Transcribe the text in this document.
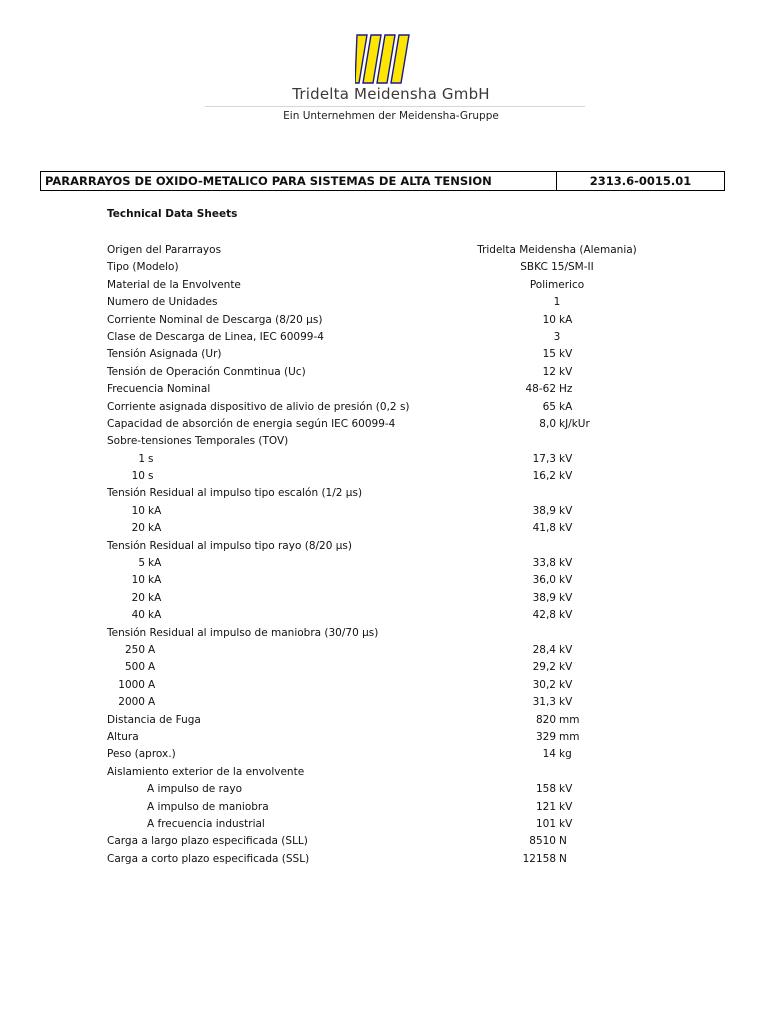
Tridelta Meidensha GmbH
Ein Unternehmen der Meidensha-Gruppe
PARARRAYOS DE OXIDO-METALICO PARA SISTEMAS DE ALTA TENSION	2313.6-0015.01
Technical Data Sheets
Origen del Pararrayos	Tridelta Meidensha (Alemania)
Tipo (Modelo)	SBKC 15/SM-II
Material de la Envolvente	Polimerico
Numero de Unidades	1
Corriente Nominal de Descarga (8/20 µs)	10 kA
Clase de Descarga de Linea, IEC 60099-4	3
Tensión Asignada (Ur)	15 kV
Tensión de Operación Conmtinua (Uc)	12 kV
Frecuencia Nominal	48-62 Hz
Corriente asignada dispositivo de alivio de presión (0,2 s)	65 kA
Capacidad de absorción de energia según IEC 60099-4	8,0 kJ/kUr
Sobre-tensiones Temporales (TOV)
1 s	17,3 kV
10 s	16,2 kV
Tensión Residual al impulso tipo escalón (1/2 µs)
10 kA	38,9 kV
20 kA	41,8 kV
Tensión Residual al impulso tipo rayo (8/20 µs)
5 kA	33,8 kV
10 kA	36,0 kV
20 kA	38,9 kV
40 kA	42,8 kV
Tensión Residual al impulso de maniobra (30/70 µs)
250 A	28,4 kV
500 A	29,2 kV
1000 A	30,2 kV
2000 A	31,3 kV
Distancia de Fuga	820 mm
Altura	329 mm
Peso (aprox.)	14 kg
Aislamiento exterior de la envolvente
A impulso de rayo	158 kV
A impulso de maniobra	121 kV
A frecuencia industrial	101 kV
Carga a largo plazo especificada (SLL)	8510 N
Carga a corto plazo especificada (SSL)	12158 N
